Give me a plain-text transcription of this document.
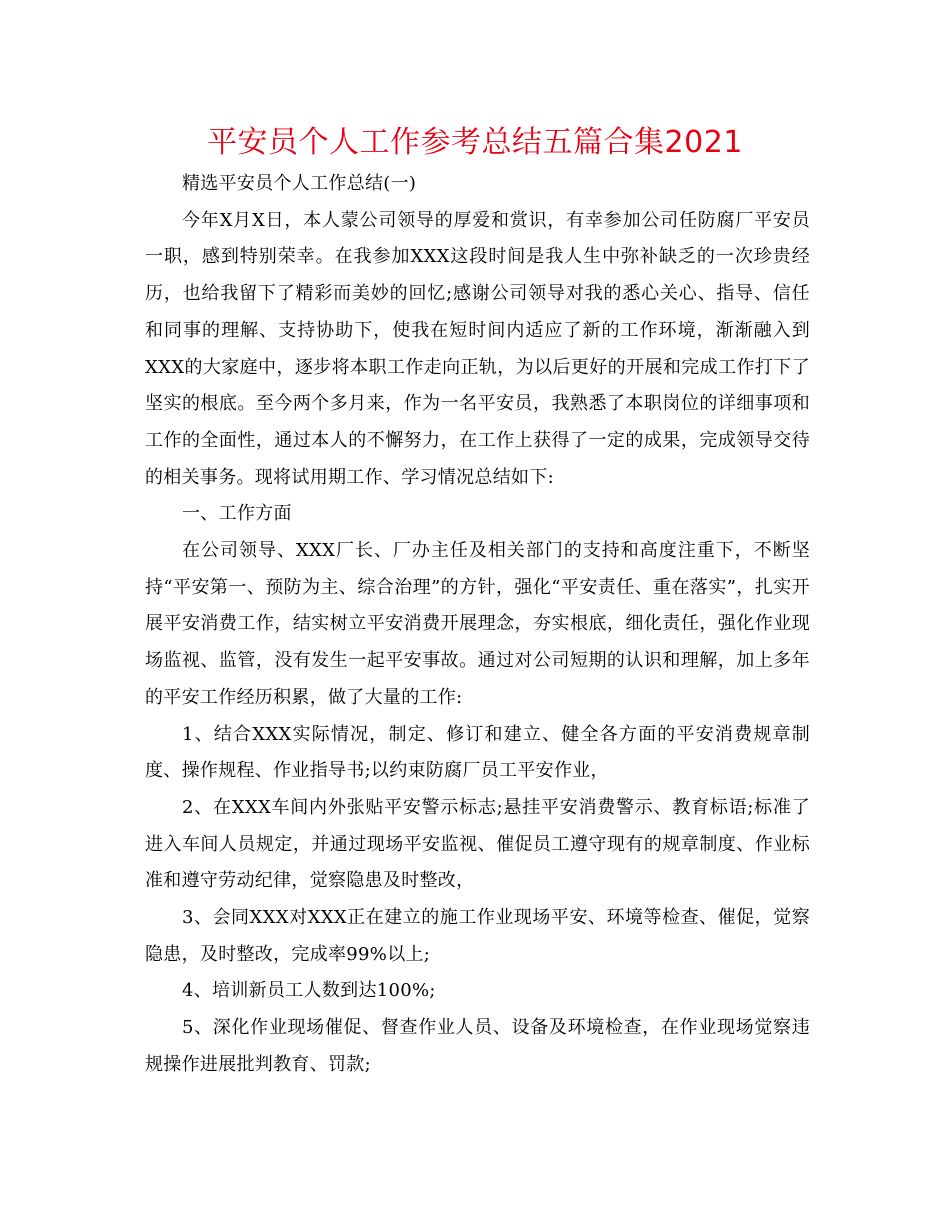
平安员个人工作参考总结五篇合集2021

精选平安员个人工作总结(一)

今年X月X日，本人蒙公司领导的厚爱和赏识，有幸参加公司任防腐厂平安员一职，感到特别荣幸。在我参加XXX这段时间是我人生中弥补缺乏的一次珍贵经历，也给我留下了精彩而美妙的回忆;感谢公司领导对我的悉心关心、指导、信任和同事的理解、支持协助下，使我在短时间内适应了新的工作环境，渐渐融入到XXX的大家庭中，逐步将本职工作走向正轨，为以后更好的开展和完成工作打下了坚实的根底。至今两个多月来，作为一名平安员，我熟悉了本职岗位的详细事项和工作的全面性，通过本人的不懈努力，在工作上获得了一定的成果，完成领导交待的相关事务。现将试用期工作、学习情况总结如下:

一、工作方面

在公司领导、XXX厂长、厂办主任及相关部门的支持和高度注重下，不断坚持“平安第一、预防为主、综合治理”的方针，强化“平安责任、重在落实”，扎实开展平安消费工作，结实树立平安消费开展理念，夯实根底，细化责任，强化作业现场监视、监管，没有发生一起平安事故。通过对公司短期的认识和理解，加上多年的平安工作经历积累，做了大量的工作:

1、结合XXX实际情况，制定、修订和建立、健全各方面的平安消费规章制度、操作规程、作业指导书;以约束防腐厂员工平安作业，

2、在XXX车间内外张贴平安警示标志;悬挂平安消费警示、教育标语;标准了进入车间人员规定，并通过现场平安监视、催促员工遵守现有的规章制度、作业标准和遵守劳动纪律，觉察隐患及时整改，

3、会同XXX对XXX正在建立的施工作业现场平安、环境等检查、催促，觉察隐患，及时整改，完成率99%以上;

4、培训新员工人数到达100%;

5、深化作业现场催促、督查作业人员、设备及环境检查，在作业现场觉察违规操作进展批判教育、罚款;
